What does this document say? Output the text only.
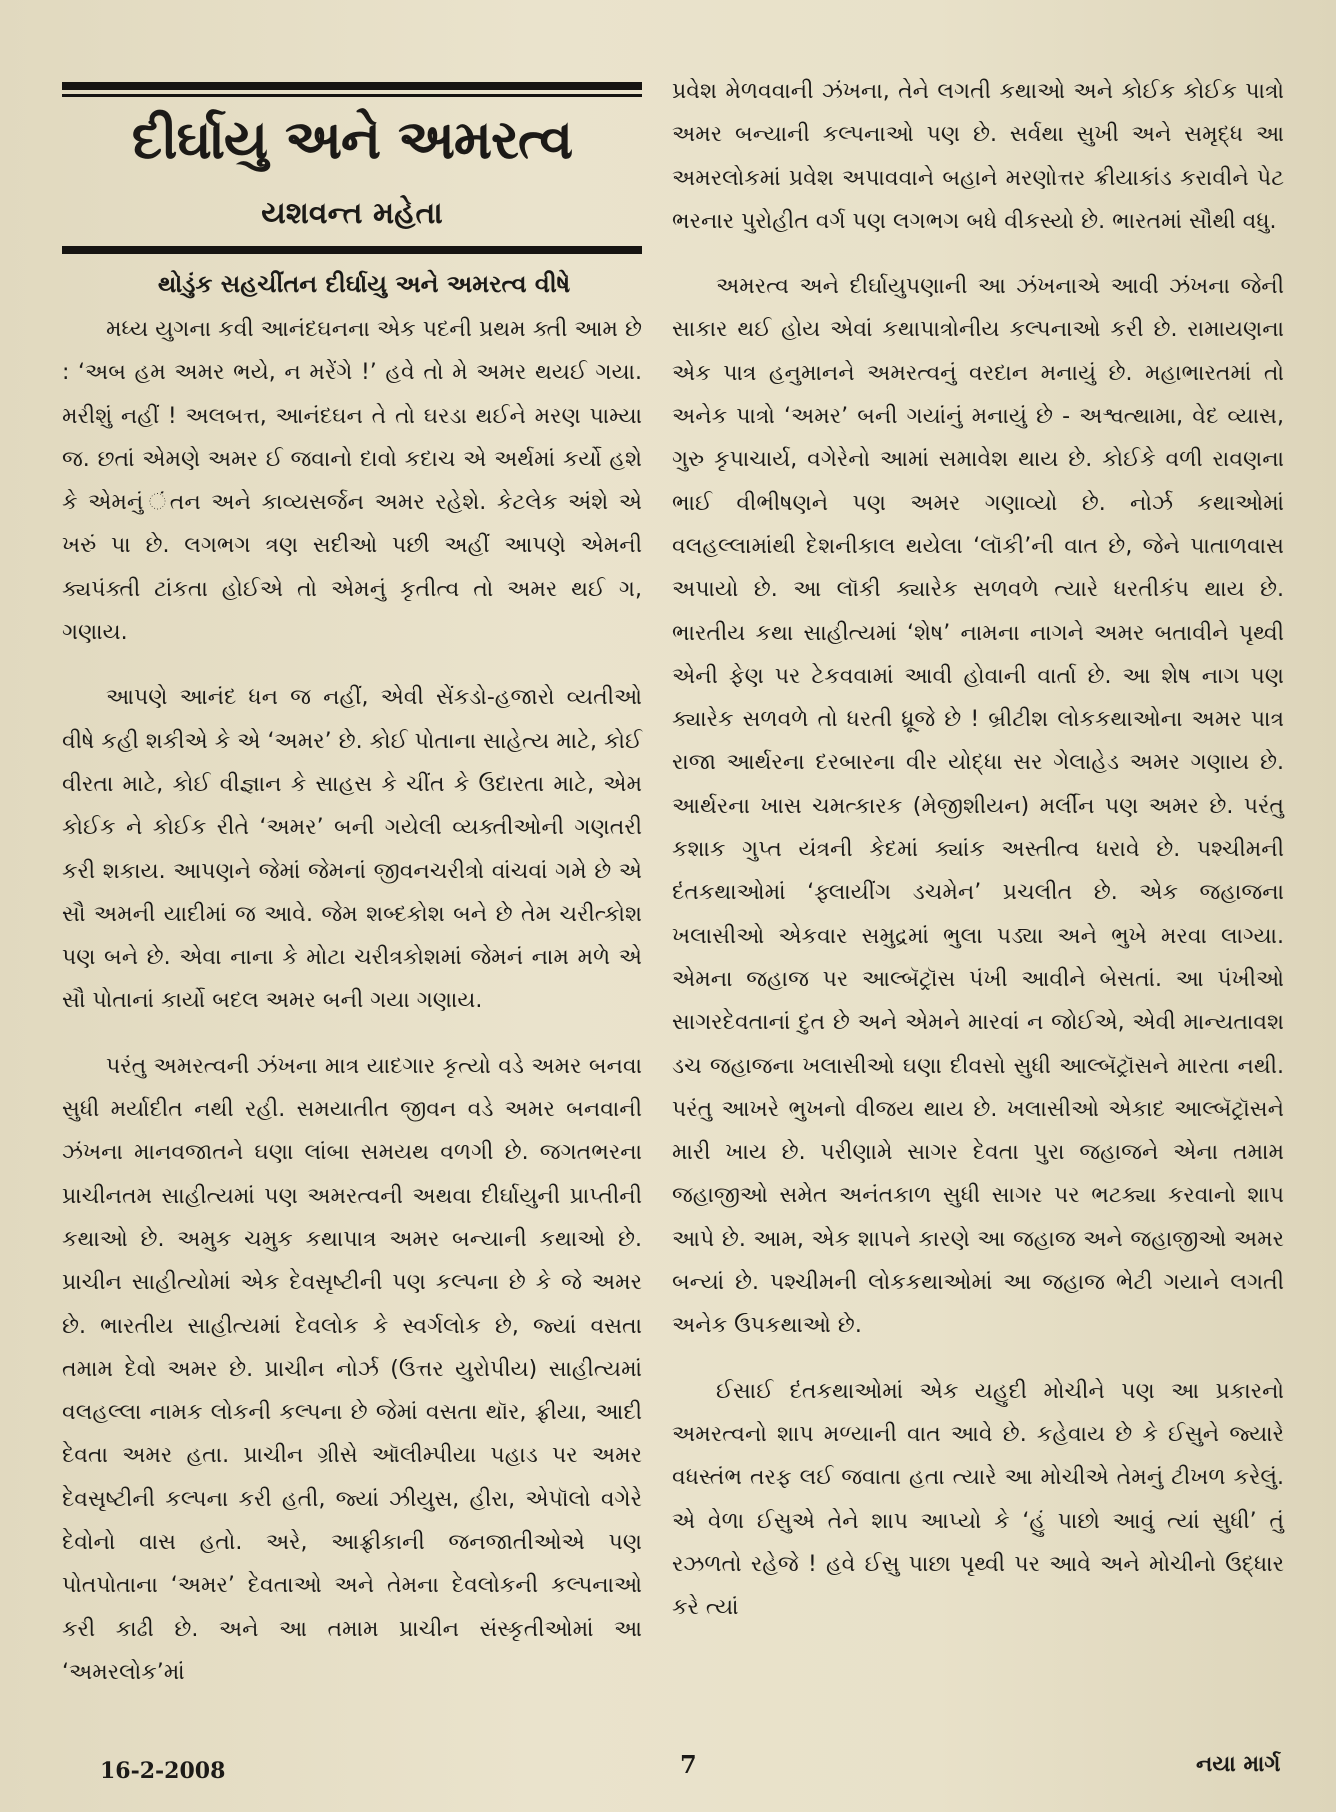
દીર્ઘાયુ અને અમરત્વ
યશવન્ત મહેતા
થોડુંક સહચીંતન દીર્ઘાયુ અને અમરત્વ વીષે

મધ્ય યુગના કવી આનંદઘનના એક પદની પ્રથમ ક્તી આમ છે : ‘અબ હમ અમર ભયે, ન મરેંગે !’ હવે તો મે અમર થયઈ ગયા. મરીશું નહીં ! અલબત્ત, આનંદઘન તે તો ઘરડા થઈને મરણ પામ્યા જ. છતાં એમણે અમર ઈ જવાનો દાવો કદાચ એ અર્થમાં કર્યો હશે કે એમનું ંતન અને કાવ્યસર્જન અમર રહેશે. કેટલેક અંશે એ ખરું પા છે. લગભગ ત્રણ સદીઓ પછી અહીં આપણે એમની ક્યપંક્તી ટાંકતા હોઈએ તો એમનું કૃતીત્વ તો અમર થઈ ગ, ગણાય.

આપણે આનંદ ધન જ નહીં, એવી સેંકડો-હજારો વ્યતીઓ વીષે કહી શકીએ કે એ ‘અમર’ છે. કોઈ પોતાના સાહેત્ય માટે, કોઈ વીરતા માટે, કોઈ વીજ્ઞાન કે સાહસ કે ચીંત કે ઉદારતા માટે, એમ કોઈક ને કોઈક રીતે ‘અમર’ બની ગયેલી વ્યક્તીઓની ગણતરી કરી શકાય. આપણને જેમાં જેમનાં જીવનચરીત્રો વાંચવાં ગમે છે એ સૌ અમની યાદીમાં જ આવે. જેમ શબ્દકોશ બને છે તેમ ચરીત્કોશ પણ બને છે. એવા નાના કે મોટા ચરીત્રકોશમાં જેમનં નામ મળે એ સૌ પોતાનાં કાર્યો બદલ અમર બની ગયા ગણાય.

પરંતુ અમરત્વની ઝંખના માત્ર યાદગાર કૃત્યો વડે અમર બનવા સુધી મર્યાદીત નથી રહી. સમયાતીત જીવન વડે અમર બનવાની ઝંખના માનવજાતને ઘણા લાંબા સમયથ વળગી છે. જગતભરના પ્રાચીનતમ સાહીત્યમાં પણ અમરત્વની અથવા દીર્ઘાયુની પ્રાપ્તીની કથાઓ છે. અમુક ચમુક કથાપાત્ર અમર બન્યાની કથાઓ છે. પ્રાચીન સાહીત્યોમાં એક દેવસૃષ્ટીની પણ કલ્પના છે કે જે અમર છે. ભારતીય સાહીત્યમાં દેવલોક કે સ્વર્ગલોક છે, જ્યાં વસતા તમામ દેવો અમર છે. પ્રાચીન નોર્ઝ (ઉત્તર યુરોપીય) સાહીત્યમાં વલહલ્લા નામક લોકની કલ્પના છે જેમાં વસતા થૉર, ફ્રીયા, આદી દેવતા અમર હતા. પ્રાચીન ગ્રીસે ઑલીમ્પીયા પહાડ પર અમર દેવસૃષ્ટીની કલ્પના કરી હતી, જ્યાં ઝીયુસ, હીરા, એપૉલો વગેરે દેવોનો વાસ હતો. અરે, આફ્રીકાની જનજાતીઓએ પણ પોતપોતાના ‘અમર’ દેવતાઓ અને તેમના દેવલોકની કલ્પનાઓ કરી કાઢી છે. અને આ તમામ પ્રાચીન સંસ્કૃતીઓમાં આ ‘અમરલોક’માં

પ્રવેશ મેળવવાની ઝંખના, તેને લગતી કથાઓ અને કોઈક કોઈક પાત્રો અમર બન્યાની કલ્પનાઓ પણ છે. સર્વથા સુખી અને સમૃદ્ધ આ અમરલોકમાં પ્રવેશ અપાવવાને બહાને મરણોત્તર ક્રીયાકાંડ કરાવીને પેટ ભરનાર પુરોહીત વર્ગ પણ લગભગ બધે વીકસ્યો છે. ભારતમાં સૌથી વધુ.

અમરત્વ અને દીર્ઘાયુપણાની આ ઝંખનાએ આવી ઝંખના જેની સાકાર થઈ હોય એવાં કથાપાત્રોનીય કલ્પનાઓ કરી છે. રામાયણના એક પાત્ર હનુમાનને અમરત્વનું વરદાન મનાયું છે. મહાભારતમાં તો અનેક પાત્રો ‘અમર’ બની ગયાંનું મનાયું છે - અશ્વત્થામા, વેદ વ્યાસ, ગુરુ કૃપાચાર્ય, વગેરેનો આમાં સમાવેશ થાય છે. કોઈકે વળી રાવણના ભાઈ વીભીષણને પણ અમર ગણાવ્યો છે. નોર્ઝ કથાઓમાં વલહલ્લામાંથી દેશનીકાલ થયેલા ‘લૉકી’ની વાત છે, જેને પાતાળવાસ અપાયો છે. આ લૉકી ક્યારેક સળવળે ત્યારે ધરતીકંપ થાય છે. ભારતીય કથા સાહીત્યમાં ‘શેષ’ નામના નાગને અમર બતાવીને પૃથ્વી એની ફેણ પર ટેકવવામાં આવી હોવાની વાર્તા છે. આ શેષ નાગ પણ ક્યારેક સળવળે તો ધરતી ધ્રૂજે છે ! બ્રીટીશ લોકકથાઓના અમર પાત્ર રાજા આર્થરના દરબારના વીર યોદ્ધા સર ગેલાહેડ અમર ગણાય છે. આર્થરના ખાસ ચમત્કારક (મેજીશીયન) મર્લીન પણ અમર છે. પરંતુ કશાક ગુપ્ત યંત્રની કેદમાં ક્યાંક અસ્તીત્વ ધરાવે છે. પશ્ચીમની દંતકથાઓમાં ‘ફ્લાયીંગ ડચમેન’ પ્રચલીત છે. એક જહાજના ખલાસીઓ એકવાર સમુદ્રમાં ભુલા પડ્યા અને ભુખે મરવા લાગ્યા. એમના જહાજ પર આલ્બૅટ્રૉસ પંખી આવીને બેસતાં. આ પંખીઓ સાગરદેવતાનાં દુત છે અને એમને મારવાં ન જોઈએ, એવી માન્યતાવશ ડચ જહાજના ખલાસીઓ ઘણા દીવસો સુધી આલ્બૅટ્રૉસને મારતા નથી. પરંતુ આખરે ભુખનો વીજય થાય છે. ખલાસીઓ એકાદ આલ્બૅટ્રૉસને મારી ખાય છે. પરીણામે સાગર દેવતા પુરા જહાજને એના તમામ જહાજીઓ સમેત અનંતકાળ સુધી સાગર પર ભટક્યા કરવાનો શાપ આપે છે. આમ, એક શાપને કારણે આ જહાજ અને જહાજીઓ અમર બન્યાં છે. પશ્ચીમની લોકકથાઓમાં આ જહાજ ભેટી ગયાને લગતી અનેક ઉપકથાઓ છે.

ઈસાઈ દંતકથાઓમાં એક યહુદી મોચીને પણ આ પ્રકારનો અમરત્વનો શાપ મળ્યાની વાત આવે છે. કહેવાય છે કે ઈસુને જ્યારે વધસ્તંભ તરફ લઈ જવાતા હતા ત્યારે આ મોચીએ તેમનું ટીખળ કરેલું. એ વેળા ઈસુએ તેને શાપ આપ્યો કે ‘હું પાછો આવું ત્યાં સુધી’ તું રઝળતો રહેજે ! હવે ઈસુ પાછા પૃથ્વી પર આવે અને મોચીનો ઉદ્ધાર કરે ત્યાં

16-2-2008	7	નયા માર્ગ
